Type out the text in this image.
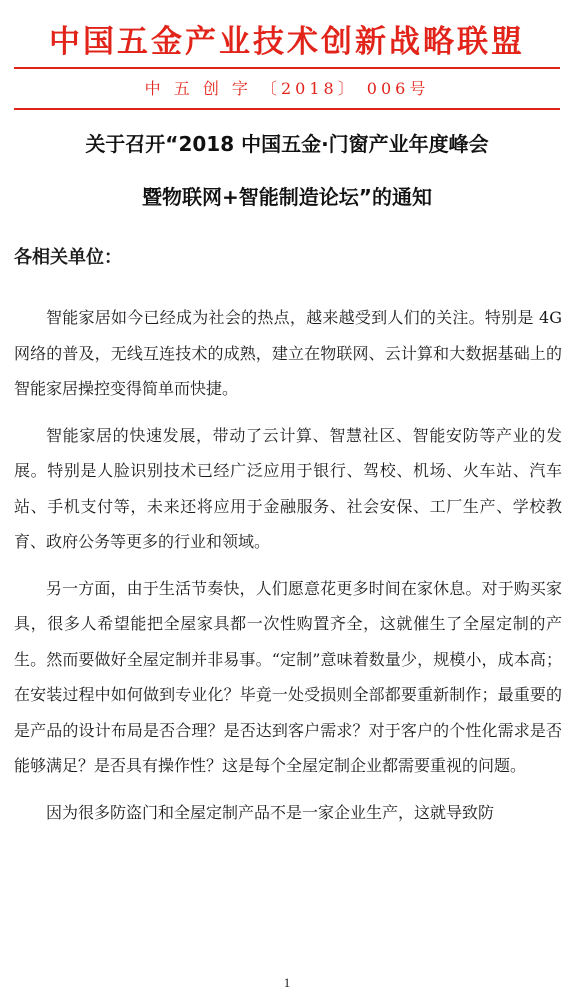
中国五金产业技术创新战略联盟
中 五 创 字 〔2018〕 006号
关于召开“2018 中国五金·门窗产业年度峰会
暨物联网+智能制造论坛”的通知
各相关单位：

智能家居如今已经成为社会的热点，越来越受到人们的关注。特别是 4G 网络的普及，无线互连技术的成熟，建立在物联网、云计算和大数据基础上的智能家居操控变得简单而快捷。

智能家居的快速发展，带动了云计算、智慧社区、智能安防等产业的发展。特别是人脸识别技术已经广泛应用于银行、驾校、机场、火车站、汽车站、手机支付等，未来还将应用于金融服务、社会安保、工厂生产、学校教育、政府公务等更多的行业和领域。

另一方面，由于生活节奏快，人们愿意花更多时间在家休息。对于购买家具，很多人希望能把全屋家具都一次性购置齐全，这就催生了全屋定制的产生。然而要做好全屋定制并非易事。“定制”意味着数量少，规模小，成本高；在安装过程中如何做到专业化？毕竟一处受损则全部都要重新制作；最重要的是产品的设计布局是否合理？是否达到客户需求？对于客户的个性化需求是否能够满足？是否具有操作性？这是每个全屋定制企业都需要重视的问题。

因为很多防盗门和全屋定制产品不是一家企业生产，这就导致防

1
